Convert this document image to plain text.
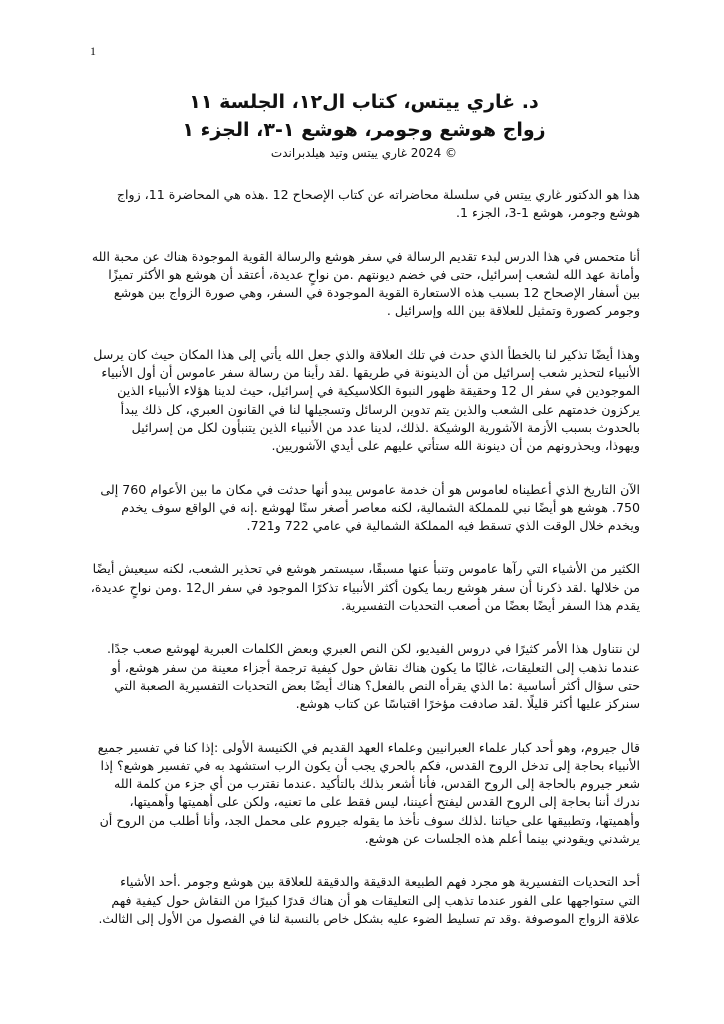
1
د. غاري ييتس، كتاب ال١٢، الجلسة ١١
زواج هوشع وجومر، هوشع ١-٣، الجزء ١
© 2024 غاري ييتس وتيد هيلدبراندت
هذا هو الدكتور غاري ييتس في سلسلة محاضراته عن كتاب الإصحاح 12 .هذه هي المحاضرة 11، زواج
هوشع وجومر، هوشع 1-3، الجزء 1.
أنا متحمس في هذا الدرس لبدء تقديم الرسالة في سفر هوشع والرسالة القوية الموجودة هناك عن محبة الله
وأمانة عهد الله لشعب إسرائيل، حتى في خضم ديونتهم .من نواحٍ عديدة، أعتقد أن هوشع هو الأكثر تميزًا
بين أسفار الإصحاح 12 بسبب هذه الاستعارة القوية الموجودة في السفر، وهي صورة الزواج بين هوشع
وجومر كصورة وتمثيل للعلاقة بين الله وإسرائيل .
وهذا أيضًا تذكير لنا بالخطأ الذي حدث في تلك العلاقة والذي جعل الله يأتي إلى هذا المكان حيث كان يرسل
الأنبياء لتحذير شعب إسرائيل من أن الدينونة في طريقها .لقد رأينا من رسالة سفر عاموس أن أول الأنبياء
الموجودين في سفر ال 12 وحقيقة ظهور النبوة الكلاسيكية في إسرائيل، حيث لدينا هؤلاء الأنبياء الذين
يركزون خدمتهم على الشعب والذين يتم تدوين الرسائل وتسجيلها لنا في القانون العبري، كل ذلك يبدأ
بالحدوث بسبب الأزمة الآشورية الوشيكة .لذلك، لدينا عدد من الأنبياء الذين يتنبأون لكل من إسرائيل
ويهوذا، ويحذرونهم من أن دينونة الله ستأتي عليهم على أيدي الآشوريين.
الآن التاريخ الذي أعطيناه لعاموس هو أن خدمة عاموس يبدو أنها حدثت في مكان ما بين الأعوام 760 إلى
750. هوشع هو أيضًا نبي للمملكة الشمالية، لكنه معاصر أصغر سنًا لهوشع .إنه في الواقع سوف يخدم
ويخدم خلال الوقت الذي تسقط فيه المملكة الشمالية في عامي 722 و721.
الكثير من الأشياء التي رآها عاموس وتنبأ عنها مسبقًا، سيستمر هوشع في تحذير الشعب، لكنه سيعيش أيضًا
من خلالها .لقد ذكرنا أن سفر هوشع ربما يكون أكثر الأنبياء تذكرًا الموجود في سفر ال12 .ومن نواحٍ عديدة،
يقدم هذا السفر أيضًا بعضًا من أصعب التحديات التفسيرية.
لن نتناول هذا الأمر كثيرًا في دروس الفيديو، لكن النص العبري وبعض الكلمات العبرية لهوشع صعب جدًا.
عندما نذهب إلى التعليقات، غالبًا ما يكون هناك نقاش حول كيفية ترجمة أجزاء معينة من سفر هوشع، أو
حتى سؤال أكثر أساسية :ما الذي يقرأه النص بالفعل؟ هناك أيضًا بعض التحديات التفسيرية الصعبة التي
سنركز عليها أكثر قليلًا .لقد صادفت مؤخرًا اقتباسًا عن كتاب هوشع.
قال جيروم، وهو أحد كبار علماء العبرانيين وعلماء العهد القديم في الكنيسة الأولى :إذا كنا في تفسير جميع
الأنبياء بحاجة إلى تدخل الروح القدس، فكم بالحري يجب أن يكون الرب استشهد به في تفسير هوشع؟ إذا
شعر جيروم بالحاجة إلى الروح القدس، فأنا أشعر بذلك بالتأكيد .عندما نقترب من أي جزء من كلمة الله
ندرك أننا بحاجة إلى الروح القدس ليفتح أعيننا، ليس فقط على ما تعنيه، ولكن على أهميتها وأهميتها،
وأهميتها، وتطبيقها على حياتنا .لذلك سوف نأخذ ما يقوله جيروم على محمل الجد، وأنا أطلب من الروح أن
يرشدني ويقودني بينما أعلم هذه الجلسات عن هوشع.
أحد التحديات التفسيرية هو مجرد فهم الطبيعة الدقيقة والدقيقة للعلاقة بين هوشع وجومر .أحد الأشياء
التي ستواجهها على الفور عندما تذهب إلى التعليقات هو أن هناك قدرًا كبيرًا من النقاش حول كيفية فهم
علاقة الزواج الموصوفة .وقد تم تسليط الضوء عليه بشكل خاص بالنسبة لنا في الفصول من الأول إلى الثالث.
